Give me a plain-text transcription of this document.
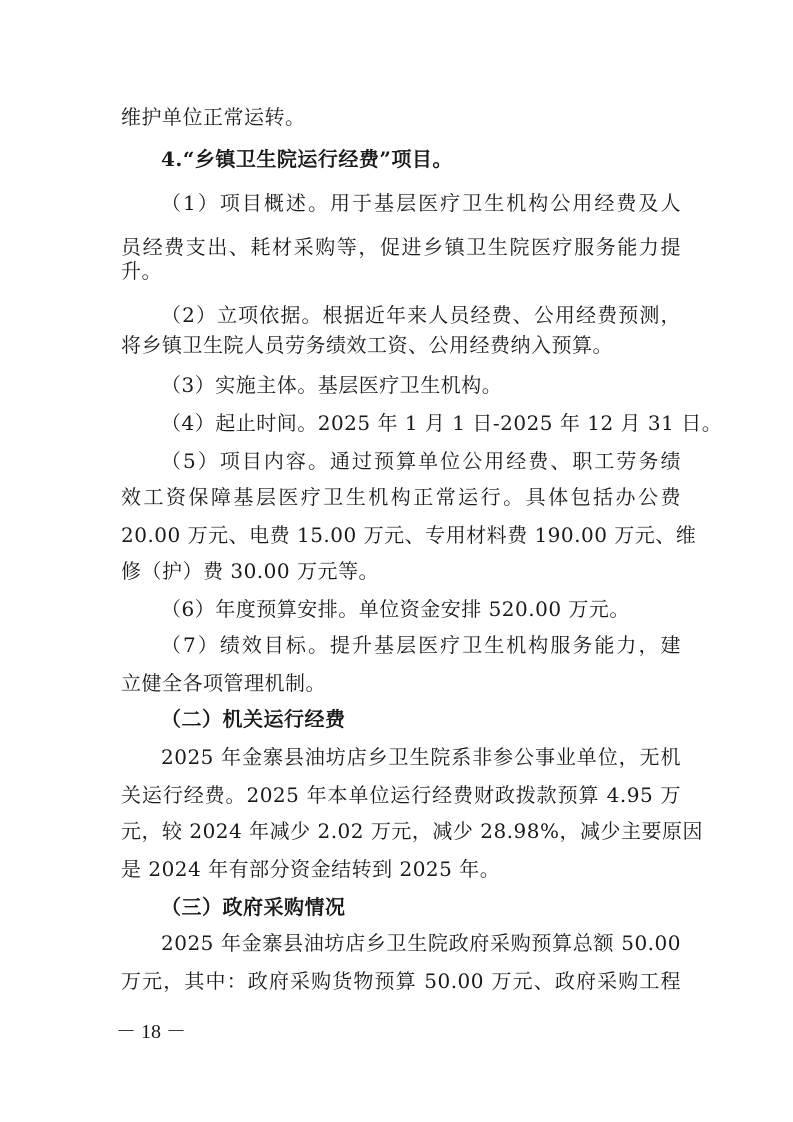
维护单位正常运转。
4.“乡镇卫生院运行经费”项目。
（1）项目概述。用于基层医疗卫生机构公用经费及人
员经费支出、耗材采购等，促进乡镇卫生院医疗服务能力提
升。
（2）立项依据。根据近年来人员经费、公用经费预测，
将乡镇卫生院人员劳务绩效工资、公用经费纳入预算。
（3）实施主体。基层医疗卫生机构。
（4）起止时间。2025 年 1 月 1 日-2025 年 12 月 31 日。
（5）项目内容。通过预算单位公用经费、职工劳务绩
效工资保障基层医疗卫生机构正常运行。具体包括办公费
20.00 万元、电费 15.00 万元、专用材料费 190.00 万元、维
修（护）费 30.00 万元等。
（6）年度预算安排。单位资金安排 520.00 万元。
（7）绩效目标。提升基层医疗卫生机构服务能力，建
立健全各项管理机制。
（二）机关运行经费
2025 年金寨县油坊店乡卫生院系非参公事业单位，无机
关运行经费。2025 年本单位运行经费财政拨款预算 4.95 万
元，较 2024 年减少 2.02 万元，减少 28.98%，减少主要原因
是 2024 年有部分资金结转到 2025 年。
（三）政府采购情况
2025 年金寨县油坊店乡卫生院政府采购预算总额 50.00
万元，其中：政府采购货物预算 50.00 万元、政府采购工程
－ 18 －
